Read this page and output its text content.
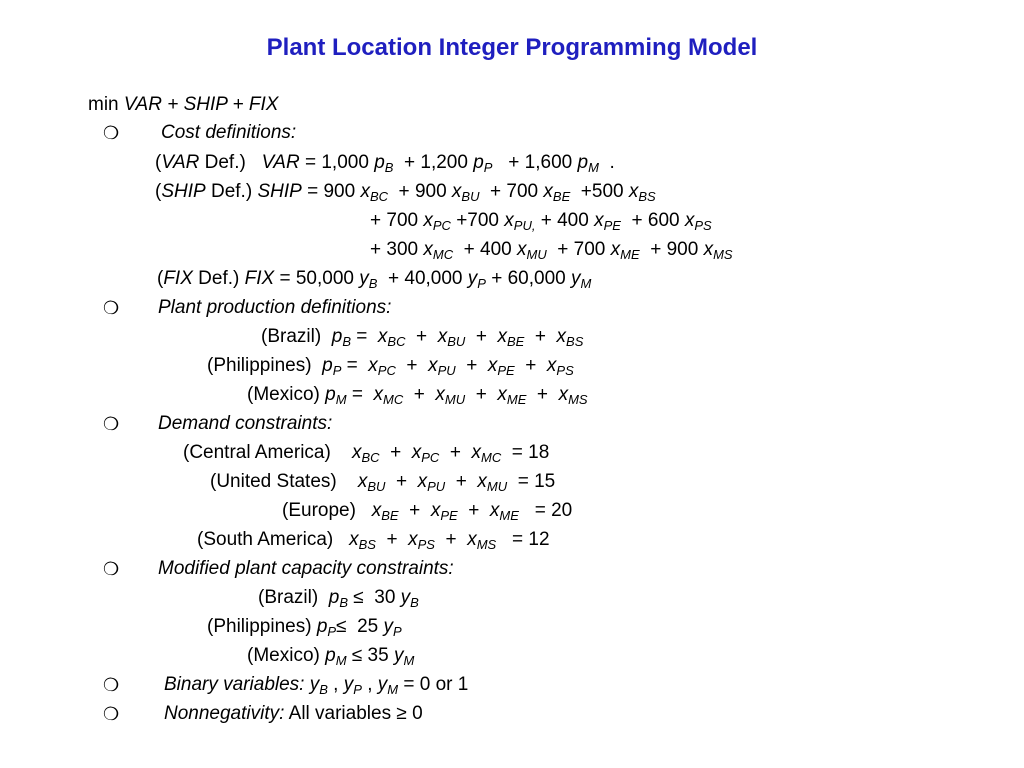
Plant Location Integer Programming Model
min VAR + SHIP + FIX
❍ Cost definitions:
(VAR Def.) VAR = 1,000 $p_B + 1,200$ $p_P + 1,600$ $p_M$  .
(SHIP Def.) SHIP = 900 $x_{BC} + 900$ $x_{BU} + 700$ $x_{BE} +500$ $x_{BS}$
+ 700 $x_{PC} +700$ $x_{PU,} + 400$ $x_{PE} + 600$ $x_{PS}$
+ 300 $x_{MC} + 400$ $x_{MU} + 700$ $x_{ME} + 900$ $x_{MS}$
(FIX Def.) FIX = 50,000 $y_B + 40,000$ $y_P + 60,000$ $y_M$
❍ Plant production definitions:
(Brazil) $p_B = x_{BC} + x_{BU} + x_{BE} + x_{BS}$
(Philippines) $p_P = x_{PC} + x_{PU} + x_{PE} + x_{PS}$
(Mexico) $p_M = x_{MC} + x_{MU} + x_{ME} + x_{MS}$
❍ Demand constraints:
(Central America) $x_{BC} + x_{PC} + x_{MC} = 18$
(United States) $x_{BU} + x_{PU} + x_{MU} = 15$
(Europe) $x_{BE} + x_{PE} + x_{ME} = 20$
(South America) $x_{BS} + x_{PS} + x_{MS} = 12$
❍ Modified plant capacity constraints:
(Brazil) $p_B \le 30$ $y_B$
(Philippines) $p_P\le 25$ $y_P$
(Mexico) $p_M \le 35$ $y_M$
❍ Binary variables: $y_B$ , $y_P$ , $y_M = 0$ or 1
❍ Nonnegativity: All variables ≥ 0
